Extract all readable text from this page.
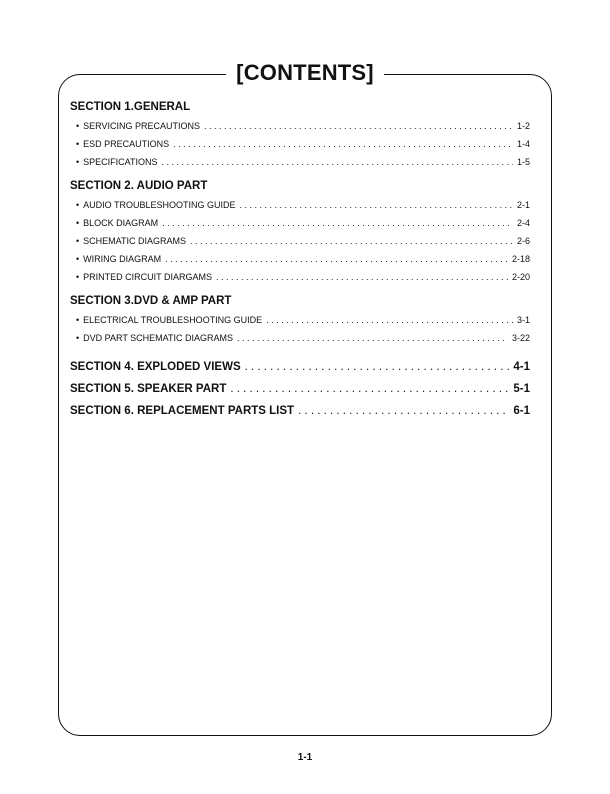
[CONTENTS]
SECTION 1.GENERAL
• SERVICING PRECAUTIONS . . .	1-2
• ESD PRECAUTIONS . . .	1-4
• SPECIFICATIONS . . .	1-5
SECTION 2. AUDIO PART
• AUDIO TROUBLESHOOTING GUIDE . . .	2-1
• BLOCK DIAGRAM . . .	2-4
• SCHEMATIC DIAGRAMS . . .	2-6
• WIRING DIAGRAM . . .	2-18
• PRINTED CIRCUIT DIARGAMS . . .	2-20
SECTION 3.DVD & AMP PART
• ELECTRICAL TROUBLESHOOTING GUIDE . . .	3-1
• DVD PART SCHEMATIC DIAGRAMS . . .	3-22
SECTION 4. EXPLODED VIEWS . . .	4-1
SECTION 5. SPEAKER PART . . .	5-1
SECTION 6. REPLACEMENT PARTS LIST . . .	6-1
1-1
